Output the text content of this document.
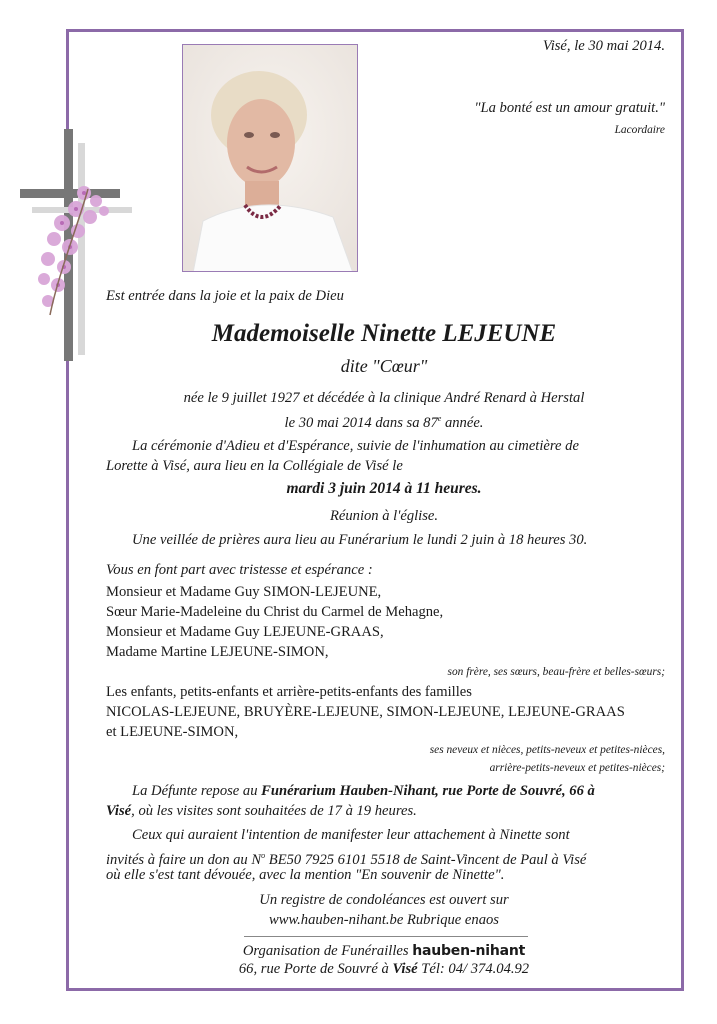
Visé, le 30 mai 2014.
"La bonté est un amour gratuit."
Lacordaire
Est entrée dans la joie et la paix de Dieu
Mademoiselle Ninette LEJEUNE
dite "Cœur"
née le 9 juillet 1927 et décédée à la clinique André Renard à Herstal
le 30 mai 2014 dans sa 87e année.
La cérémonie d'Adieu et d'Espérance, suivie de l'inhumation au cimetière de
Lorette à Visé, aura lieu en la Collégiale de Visé le
mardi 3 juin 2014 à 11 heures.
Réunion à l'église.
Une veillée de prières aura lieu au Funérarium le lundi 2 juin à 18 heures 30.
Vous en font part avec tristesse et espérance :
Monsieur et Madame Guy SIMON-LEJEUNE,
Sœur Marie-Madeleine du Christ du Carmel de Mehagne,
Monsieur et Madame Guy LEJEUNE-GRAAS,
Madame Martine LEJEUNE-SIMON,
son frère, ses sœurs, beau-frère et belles-sœurs;
Les enfants, petits-enfants et arrière-petits-enfants des familles
NICOLAS-LEJEUNE, BRUYÈRE-LEJEUNE, SIMON-LEJEUNE, LEJEUNE-GRAAS
et LEJEUNE-SIMON,
ses neveux et nièces, petits-neveux et petites-nièces,
arrière-petits-neveux et petites-nièces;
La Défunte repose au Funérarium Hauben-Nihant, rue Porte de Souvré, 66 à
Visé, où les visites sont souhaitées de 17 à 19 heures.
Ceux qui auraient l'intention de manifester leur attachement à Ninette sont
invités à faire un don au $N^o$ BE50 7925 6101 5518 de Saint-Vincent de Paul à Visé
où elle s'est tant dévouée, avec la mention "En souvenir de Ninette".
Un registre de condoléances est ouvert sur
www.hauben-nihant.be Rubrique enaos
Organisation de Funérailles hauben-nihant
66, rue Porte de Souvré à Visé Tél: 04/ 374.04.92
